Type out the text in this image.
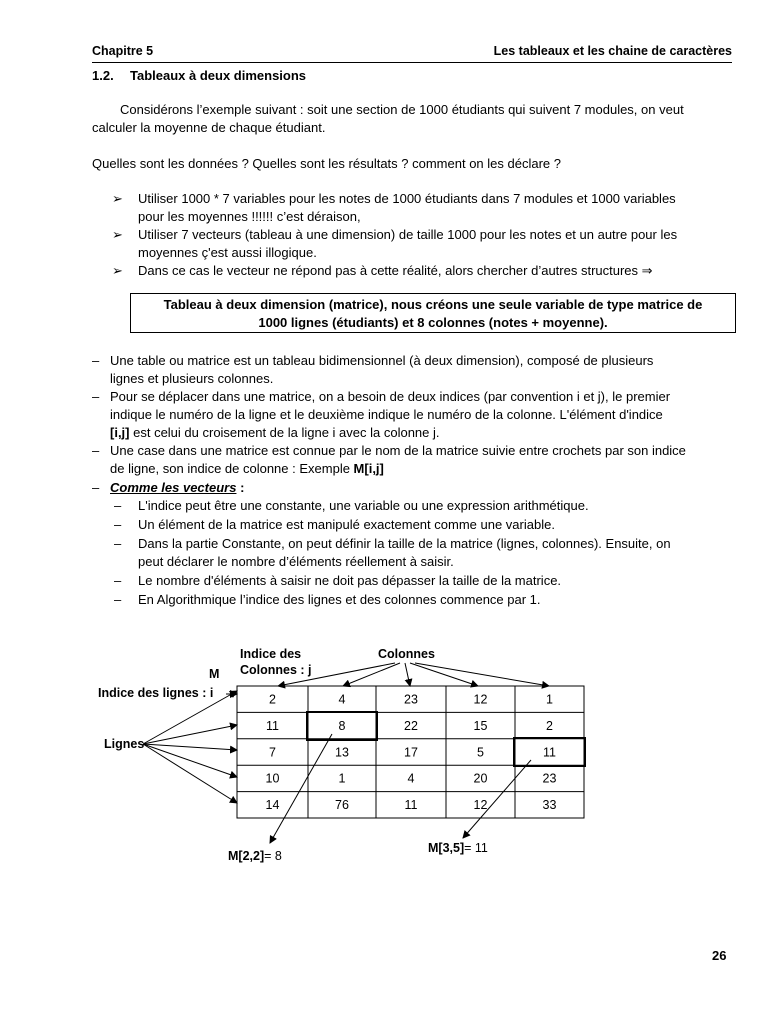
Chapitre 5	Les tableaux et les chaine de caractères
1.2. Tableaux à deux dimensions
Considérons l’exemple suivant : soit une section de 1000 étudiants qui suivent 7 modules, on veut
calculer la moyenne de chaque étudiant.
Quelles sont les données ? Quelles sont les résultats ? comment on les déclare ?
➢ Utiliser 1000 * 7 variables pour les notes de 1000 étudiants dans 7 modules et 1000 variables
pour les moyennes !!!!!! c’est déraison,
➢ Utiliser 7 vecteurs (tableau à une dimension) de taille 1000 pour les notes et un autre pour les
moyennes ç'est aussi illogique.
➢ Dans ce cas le vecteur ne répond pas à cette réalité, alors chercher d’autres structures ⇒
Tableau à deux dimension (matrice), nous créons une seule variable de type matrice de
1000 lignes (étudiants) et 8 colonnes (notes + moyenne).
– Une table ou matrice est un tableau bidimensionnel (à deux dimension), composé de plusieurs
lignes et plusieurs colonnes.
– Pour se déplacer dans une matrice, on a besoin de deux indices (par convention i et j), le premier
indique le numéro de la ligne et le deuxième indique le numéro de la colonne. L'élément d'indice
[i,j] est celui du croisement de la ligne i avec la colonne j.
– Une case dans une matrice est connue par le nom de la matrice suivie entre crochets par son indice
de ligne, son indice de colonne : Exemple M[i,j]
– Comme les vecteurs :
– L'indice peut être une constante, une variable ou une expression arithmétique.
– Un élément de la matrice est manipulé exactement comme une variable.
– Dans la partie Constante, on peut définir la taille de la matrice (lignes, colonnes). Ensuite, on
peut déclarer le nombre d’éléments réellement à saisir.
– Le nombre d'éléments à saisir ne doit pas dépasser la taille de la matrice.
– En Algorithmique l’indice des lignes et des colonnes commence par 1.
Indice des
Colonnes : j
Colonnes
M
Indice des lignes : i
Lignes
2	4	23	12	1
11	8	22	15	2
7	13	17	5	11
10	1	4	20	23
14	76	11	12	33
M[2,2]= 8
M[3,5]= 11
26
